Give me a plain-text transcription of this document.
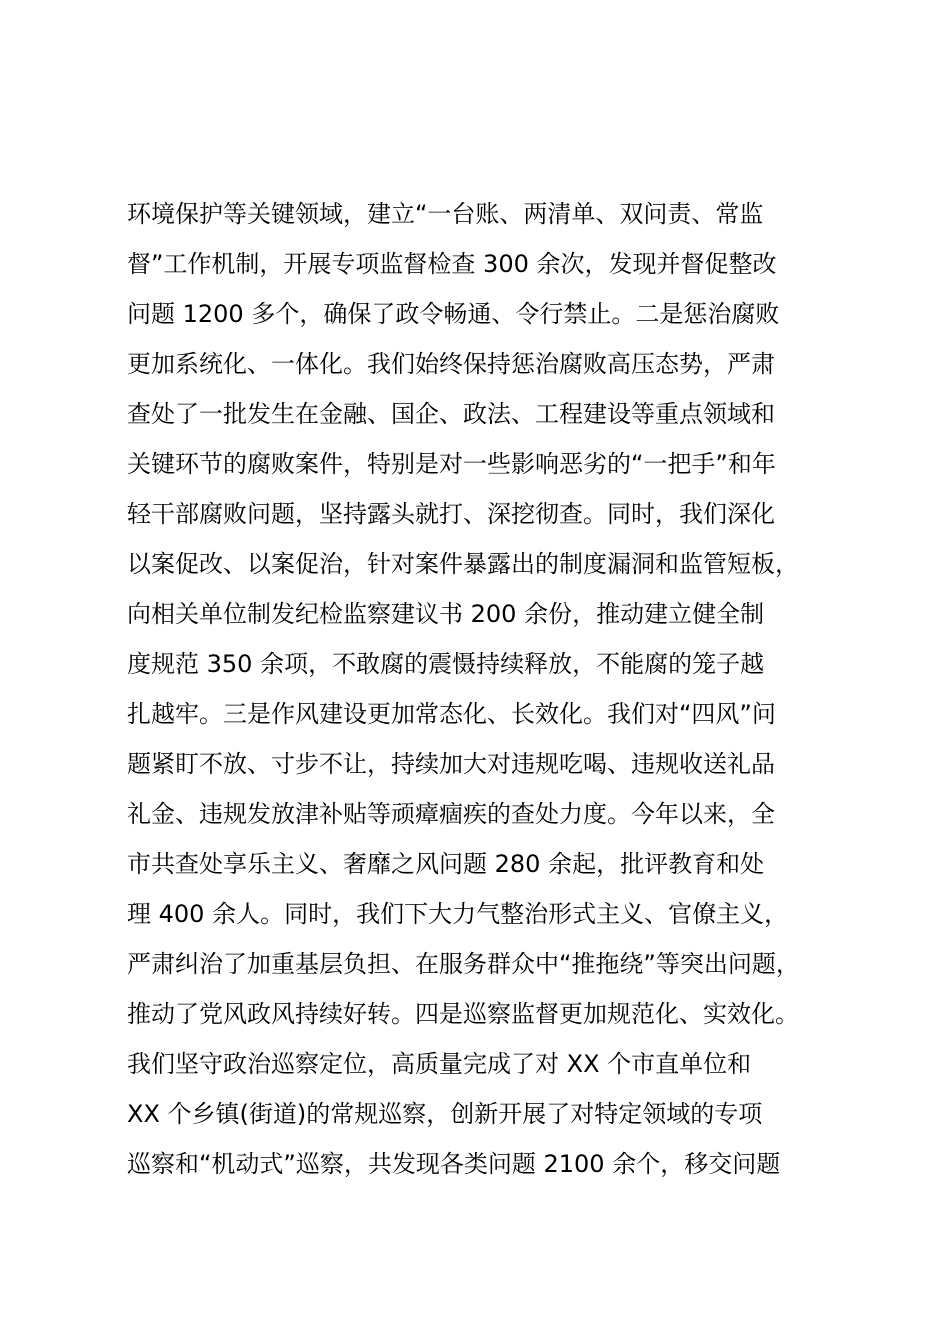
环境保护等关键领域，建立“一台账、两清单、双问责、常监
督”工作机制，开展专项监督检查 300 余次，发现并督促整改
问题 1200 多个，确保了政令畅通、令行禁止。二是惩治腐败
更加系统化、一体化。我们始终保持惩治腐败高压态势，严肃
查处了一批发生在金融、国企、政法、工程建设等重点领域和
关键环节的腐败案件，特别是对一些影响恶劣的“一把手”和年
轻干部腐败问题，坚持露头就打、深挖彻查。同时，我们深化
以案促改、以案促治，针对案件暴露出的制度漏洞和监管短板，
向相关单位制发纪检监察建议书 200 余份，推动建立健全制
度规范 350 余项，不敢腐的震慑持续释放，不能腐的笼子越
扎越牢。三是作风建设更加常态化、长效化。我们对“四风”问
题紧盯不放、寸步不让，持续加大对违规吃喝、违规收送礼品
礼金、违规发放津补贴等顽瘴痼疾的查处力度。今年以来，全
市共查处享乐主义、奢靡之风问题 280 余起，批评教育和处
理 400 余人。同时，我们下大力气整治形式主义、官僚主义，
严肃纠治了加重基层负担、在服务群众中“推拖绕”等突出问题，
推动了党风政风持续好转。四是巡察监督更加规范化、实效化。
我们坚守政治巡察定位，高质量完成了对 XX 个市直单位和
XX 个乡镇(街道)的常规巡察，创新开展了对特定领域的专项
巡察和“机动式”巡察，共发现各类问题 2100 余个，移交问题
